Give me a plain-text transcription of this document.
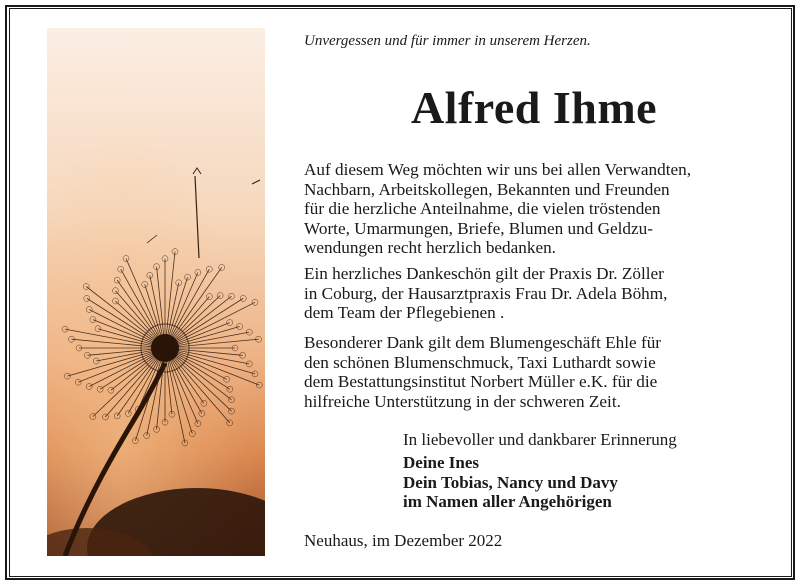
Unvergessen und für immer in unserem Herzen.
Alfred Ihme
Auf diesem Weg möchten wir uns bei allen Verwandten,
Nachbarn, Arbeitskollegen, Bekannten und Freunden
für die herzliche Anteilnahme, die vielen tröstenden
Worte, Umarmungen, Briefe, Blumen und Geldzu-
wendungen recht herzlich bedanken.
Ein herzliches Dankeschön gilt der Praxis Dr. Zöller
in Coburg, der Hausarztpraxis Frau Dr. Adela Böhm,
dem Team der Pflegebienen .
Besonderer Dank gilt dem Blumengeschäft Ehle für
den schönen Blumenschmuck, Taxi Luthardt sowie
dem Bestattungsinstitut Norbert Müller e.K. für die
hilfreiche Unterstützung in der schweren Zeit.
In liebevoller und dankbarer Erinnerung
Deine Ines
Dein Tobias, Nancy und Davy
im Namen aller Angehörigen
Neuhaus, im Dezember 2022
